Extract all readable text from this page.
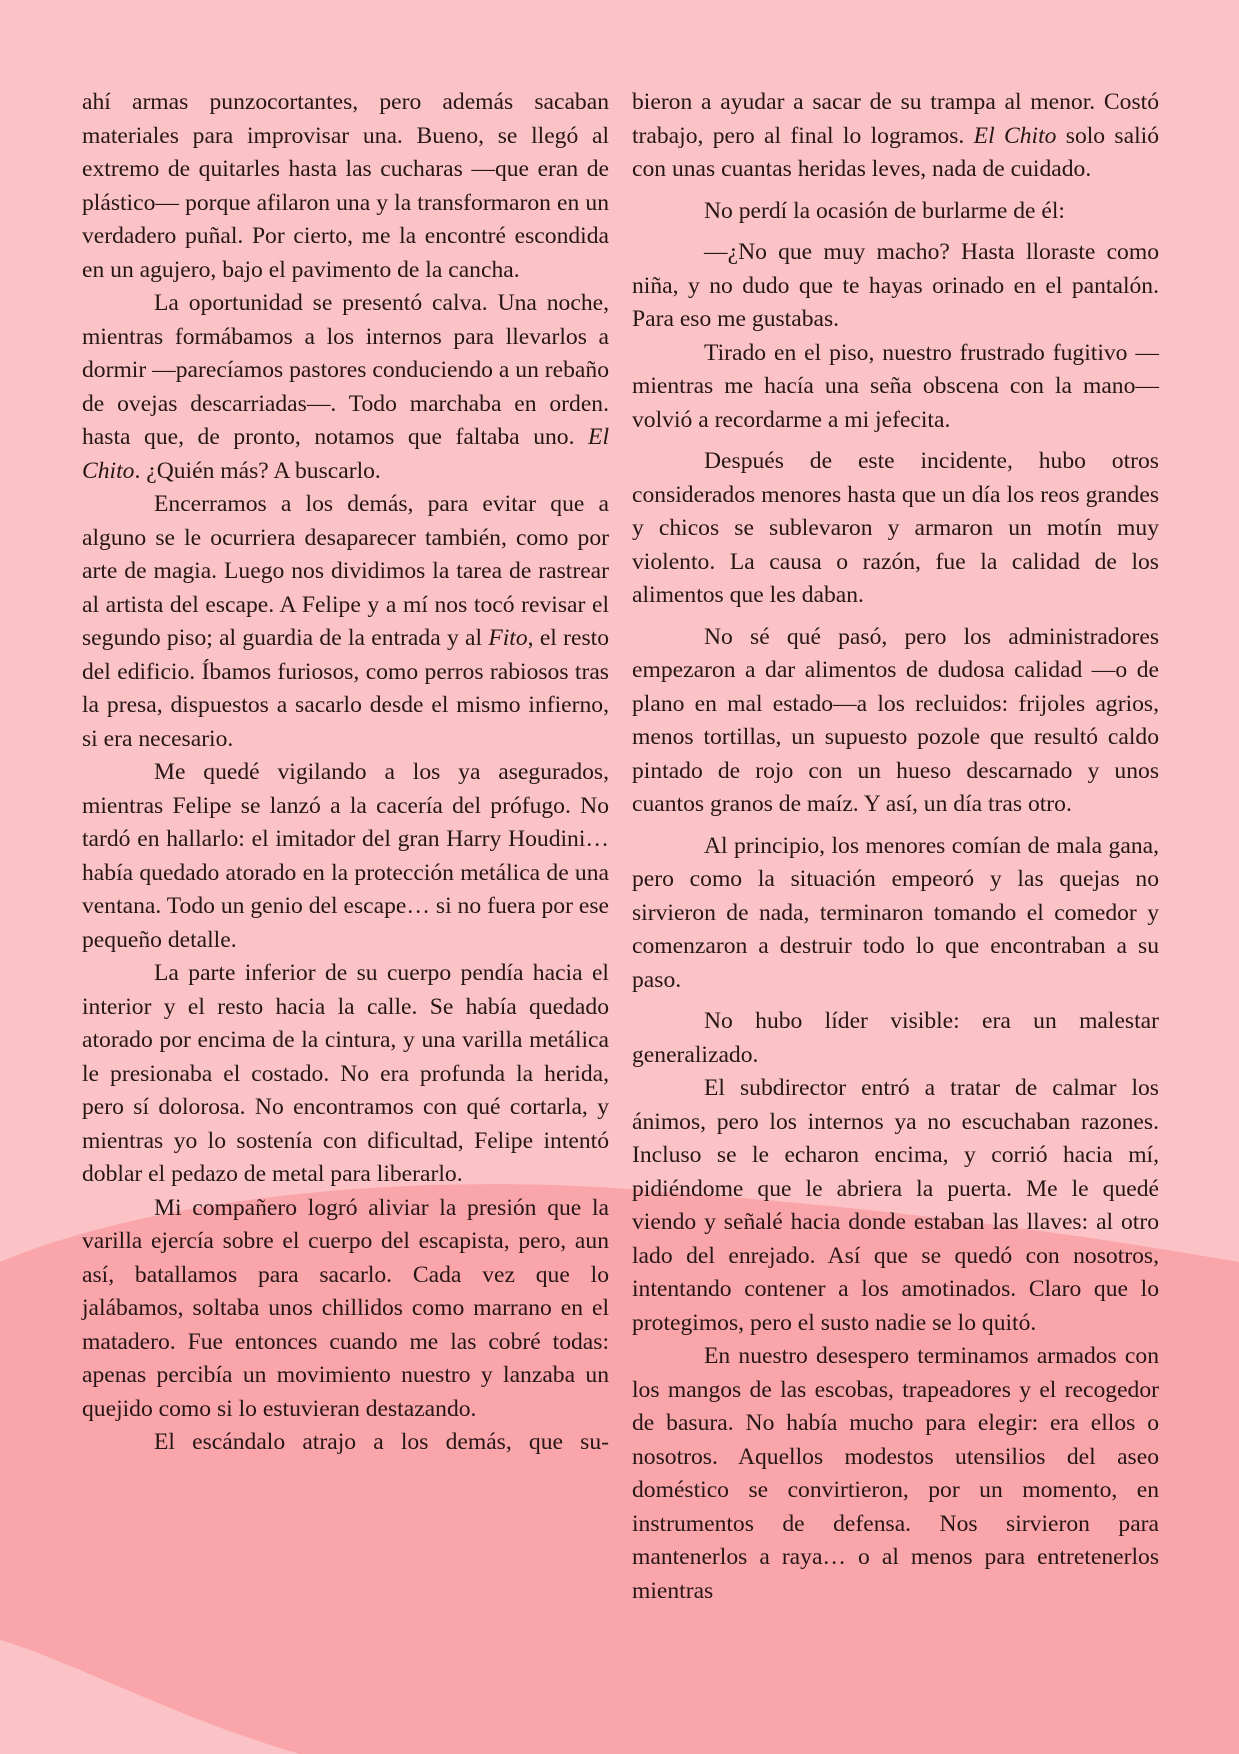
ahí armas punzocortantes, pero además sacaban materiales para improvisar una. Bueno, se llegó al extremo de quitarles hasta las cucharas —que eran de plástico— porque afilaron una y la transformaron en un verdadero puñal. Por cierto, me la encontré escondida en un agujero, bajo el pavimento de la cancha.

La oportunidad se presentó calva. Una noche, mientras formábamos a los internos para llevarlos a dormir —parecíamos pastores conduciendo a un rebaño de ovejas descarriadas—. Todo marchaba en orden. hasta que, de pronto, notamos que faltaba uno. El Chito. ¿Quién más? A buscarlo.

Encerramos a los demás, para evitar que a alguno se le ocurriera desaparecer también, como por arte de magia. Luego nos dividimos la tarea de rastrear al artista del escape. A Felipe y a mí nos tocó revisar el segundo piso; al guardia de la entrada y al Fito, el resto del edificio. Íbamos furiosos, como perros rabiosos tras la presa, dispuestos a sacarlo desde el mismo infierno, si era necesario.

Me quedé vigilando a los ya asegurados, mientras Felipe se lanzó a la cacería del prófugo. No tardó en hallarlo: el imitador del gran Harry Houdini… había quedado atorado en la protección metálica de una ventana. Todo un genio del escape… si no fuera por ese pequeño detalle.

La parte inferior de su cuerpo pendía hacia el interior y el resto hacia la calle. Se había quedado atorado por encima de la cintura, y una varilla metálica le presionaba el costado. No era profunda la herida, pero sí dolorosa. No encontramos con qué cortarla, y mientras yo lo sostenía con dificultad, Felipe intentó doblar el pedazo de metal para liberarlo.

Mi compañero logró aliviar la presión que la varilla ejercía sobre el cuerpo del escapista, pero, aun así, batallamos para sacarlo. Cada vez que lo jalábamos, soltaba unos chillidos como marrano en el matadero. Fue entonces cuando me las cobré todas: apenas percibía un movimiento nuestro y lanzaba un quejido como si lo estuvieran destazando.

El escándalo atrajo a los demás, que su-

bieron a ayudar a sacar de su trampa al menor. Costó trabajo, pero al final lo logramos. El Chito solo salió con unas cuantas heridas leves, nada de cuidado.

No perdí la ocasión de burlarme de él:

—¿No que muy macho? Hasta lloraste como niña, y no dudo que te hayas orinado en el pantalón. Para eso me gustabas.

Tirado en el piso, nuestro frustrado fugitivo —mientras me hacía una seña obscena con la mano— volvió a recordarme a mi jefecita.

Después de este incidente, hubo otros considerados menores hasta que un día los reos grandes y chicos se sublevaron y armaron un motín muy violento. La causa o razón, fue la calidad de los alimentos que les daban.

No sé qué pasó, pero los administradores empezaron a dar alimentos de dudosa calidad —o de plano en mal estado—a los recluidos: frijoles agrios, menos tortillas, un supuesto pozole que resultó caldo pintado de rojo con un hueso descarnado y unos cuantos granos de maíz. Y así, un día tras otro.

Al principio, los menores comían de mala gana, pero como la situación empeoró y las quejas no sirvieron de nada, terminaron tomando el comedor y comenzaron a destruir todo lo que encontraban a su paso.

No hubo líder visible: era un malestar generalizado.

El subdirector entró a tratar de calmar los ánimos, pero los internos ya no escuchaban razones. Incluso se le echaron encima, y corrió hacia mí, pidiéndome que le abriera la puerta. Me le quedé viendo y señalé hacia donde estaban las llaves: al otro lado del enrejado. Así que se quedó con nosotros, intentando contener a los amotinados. Claro que lo protegimos, pero el susto nadie se lo quitó.

En nuestro desespero terminamos armados con los mangos de las escobas, trapeadores y el recogedor de basura. No había mucho para elegir: era ellos o nosotros. Aquellos modestos utensilios del aseo doméstico se convirtieron, por un momento, en instrumentos de defensa. Nos sirvieron para mantenerlos a raya… o al menos para entretenerlos mientras
